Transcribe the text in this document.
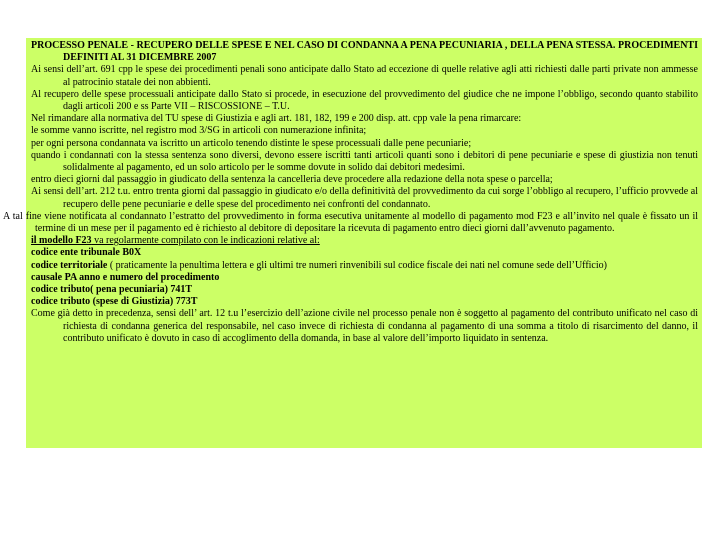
PROCESSO PENALE - RECUPERO DELLE SPESE E NEL CASO DI CONDANNA A PENA PECUNIARIA , DELLA PENA STESSA. PROCEDIMENTI DEFINITI AL 31 DICEMBRE 2007

Ai sensi dell’art. 691 cpp le spese dei procedimenti penali sono anticipate dallo Stato ad eccezione di quelle relative agli atti richiesti dalle parti private non ammesse al patrocinio statale dei non abbienti.

Al recupero delle spese processuali anticipate dallo Stato si procede, in esecuzione del provvedimento del giudice che ne impone l’obbligo, secondo quanto stabilito dagli articoli 200 e ss Parte VII – RISCOSSIONE – T.U.

Nel rimandare alla normativa del TU spese di Giustizia e agli art. 181, 182, 199 e 200 disp. att. cpp vale la pena rimarcare:

le somme vanno iscritte, nel registro mod 3/SG in articoli con numerazione infinita;

per ogni persona condannata va iscritto un articolo tenendo distinte le spese processuali dalle pene pecuniarie;

quando i condannati con la stessa sentenza sono diversi, devono essere iscritti tanti articoli quanti sono i debitori di pene pecuniarie e spese di giustizia non tenuti solidalmente al pagamento, ed un solo articolo per le somme dovute in solido dai debitori medesimi.

entro dieci giorni dal passaggio in giudicato della sentenza la cancelleria deve procedere alla redazione della nota spese o parcella;

Ai sensi dell’art. 212 t.u. entro trenta giorni dal passaggio in giudicato e/o della definitività del provvedimento da cui sorge l’obbligo al recupero, l’ufficio provvede al recupero delle pene pecuniarie e delle spese del procedimento nei confronti del condannato.

A tal fine viene notificata al condannato l’estratto del provvedimento in forma esecutiva unitamente al modello di pagamento mod F23 e all’invito nel quale è fissato un il termine di un mese per il pagamento ed è richiesto al debitore di depositare la ricevuta di pagamento entro dieci giorni dall’avvenuto pagamento.

il modello F23 va regolarmente compilato con le indicazioni relative al:

codice ente tribunale B0X

codice territoriale ( praticamente la penultima lettera e gli ultimi tre numeri rinvenibili sul codice fiscale dei nati nel comune sede dell’Ufficio)

causale PA anno e numero del procedimento

codice tributo( pena pecuniaria) 741T

codice tributo (spese di Giustizia) 773T

Come già detto in precedenza, sensi dell’ art. 12 t.u l’esercizio dell’azione civile nel processo penale non è soggetto al pagamento del contributo unificato nel caso di richiesta di condanna generica del responsabile, nel caso invece di richiesta di condanna al pagamento di una somma a titolo di risarcimento del danno, il contributo unificato è dovuto in caso di accoglimento della domanda, in base al valore dell’importo liquidato in sentenza.
